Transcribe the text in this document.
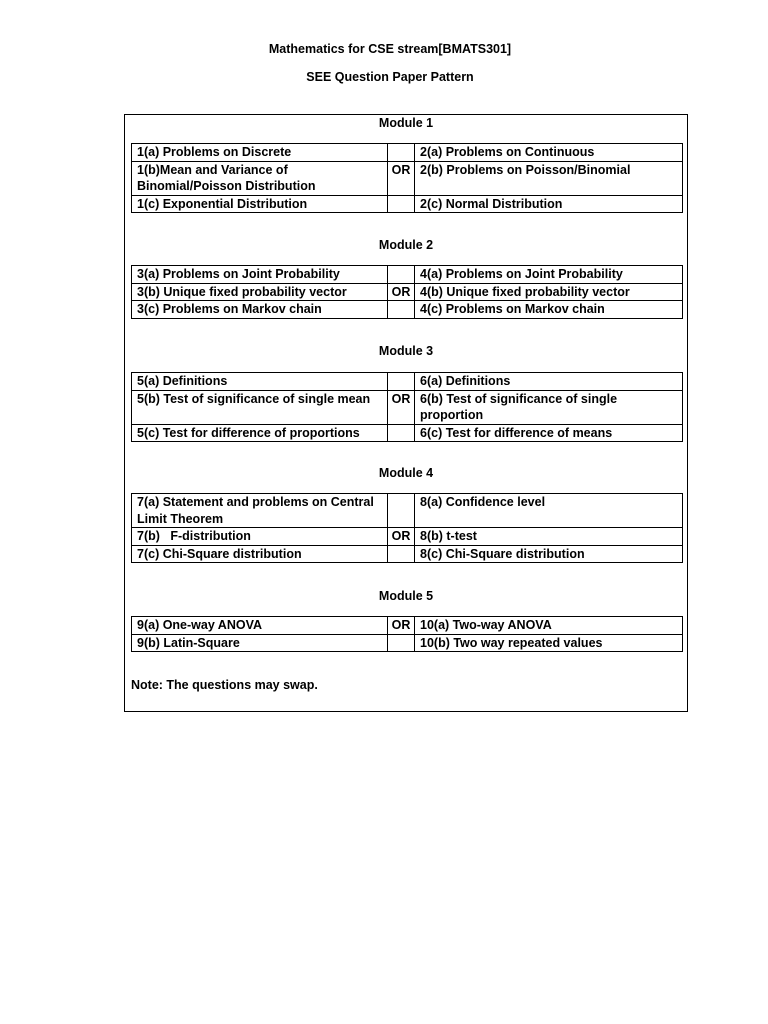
Mathematics for CSE stream[BMATS301]
SEE Question Paper Pattern
Module 1
1(a) Problems on Discrete		2(a) Problems on Continuous
1(b)Mean and Variance of Binomial/Poisson Distribution	OR	2(b) Problems on Poisson/Binomial
1(c) Exponential Distribution		2(c) Normal Distribution
Module 2
3(a) Problems on Joint Probability		4(a) Problems on Joint Probability
3(b) Unique fixed probability vector	OR	4(b) Unique fixed probability vector
3(c) Problems on Markov chain		4(c) Problems on Markov chain
Module 3
5(a) Definitions		6(a) Definitions
5(b) Test of significance of single mean	OR	6(b) Test of significance of single proportion
5(c) Test for difference of proportions		6(c) Test for difference of means
Module 4
7(a) Statement and problems on Central Limit Theorem		8(a) Confidence level
7(b)   F-distribution	OR	8(b) t-test
7(c) Chi-Square distribution		8(c) Chi-Square distribution
Module 5
9(a) One-way ANOVA	OR	10(a) Two-way ANOVA
9(b) Latin-Square		10(b) Two way repeated values
Note: The questions may swap.
